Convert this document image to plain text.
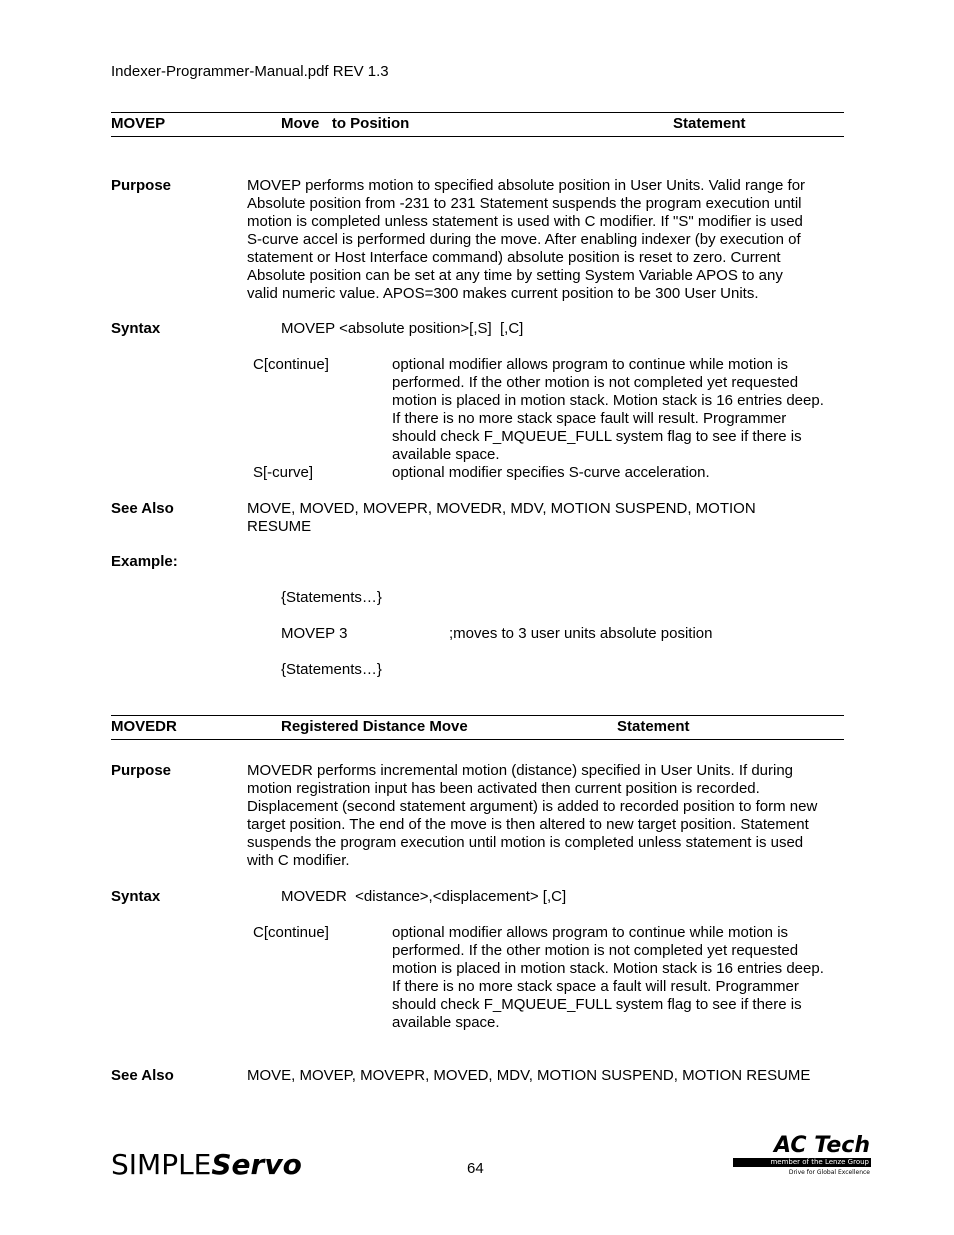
Indexer-Programmer-Manual.pdf REV 1.3
MOVEP	Move   to Position	Statement
Purpose	MOVEP performs motion to specified absolute position in User Units. Valid range for
Absolute position from -231 to 231 Statement suspends the program execution until
motion is completed unless statement is used with C modifier. If "S" modifier is used
S-curve accel is performed during the move. After enabling indexer (by execution of
statement or Host Interface command) absolute position is reset to zero. Current
Absolute position can be set at any time by setting System Variable APOS to any
valid numeric value. APOS=300 makes current position to be 300 User Units.
Syntax	MOVEP <absolute position>[,S]  [,C]
C[continue]	optional modifier allows program to continue while motion is
performed. If the other motion is not completed yet requested
motion is placed in motion stack. Motion stack is 16 entries deep.
If there is no more stack space fault will result. Programmer
should check F_MQUEUE_FULL system flag to see if there is
available space.
S[-curve]	optional modifier specifies S-curve acceleration.
See Also	MOVE, MOVED, MOVEPR, MOVEDR, MDV, MOTION SUSPEND, MOTION
RESUME
Example:
{Statements…}
MOVEP 3	;moves to 3 user units absolute position
{Statements…}
MOVEDR	Registered Distance Move	Statement
Purpose	MOVEDR performs incremental motion (distance) specified in User Units. If during
motion registration input has been activated then current position is recorded.
Displacement (second statement argument) is added to recorded position to form new
target position. The end of the move is then altered to new target position. Statement
suspends the program execution until motion is completed unless statement is used
with C modifier.
Syntax	MOVEDR  <distance>,<displacement> [,C]
C[continue]	optional modifier allows program to continue while motion is
performed. If the other motion is not completed yet requested
motion is placed in motion stack. Motion stack is 16 entries deep.
If there is no more stack space a fault will result. Programmer
should check F_MQUEUE_FULL system flag to see if there is
available space.
See Also	MOVE, MOVEP, MOVEPR, MOVED, MDV, MOTION SUSPEND, MOTION RESUME
SIMPLEServo	64
AC Tech
member of the Lenze Group
Drive for Global Excellence
